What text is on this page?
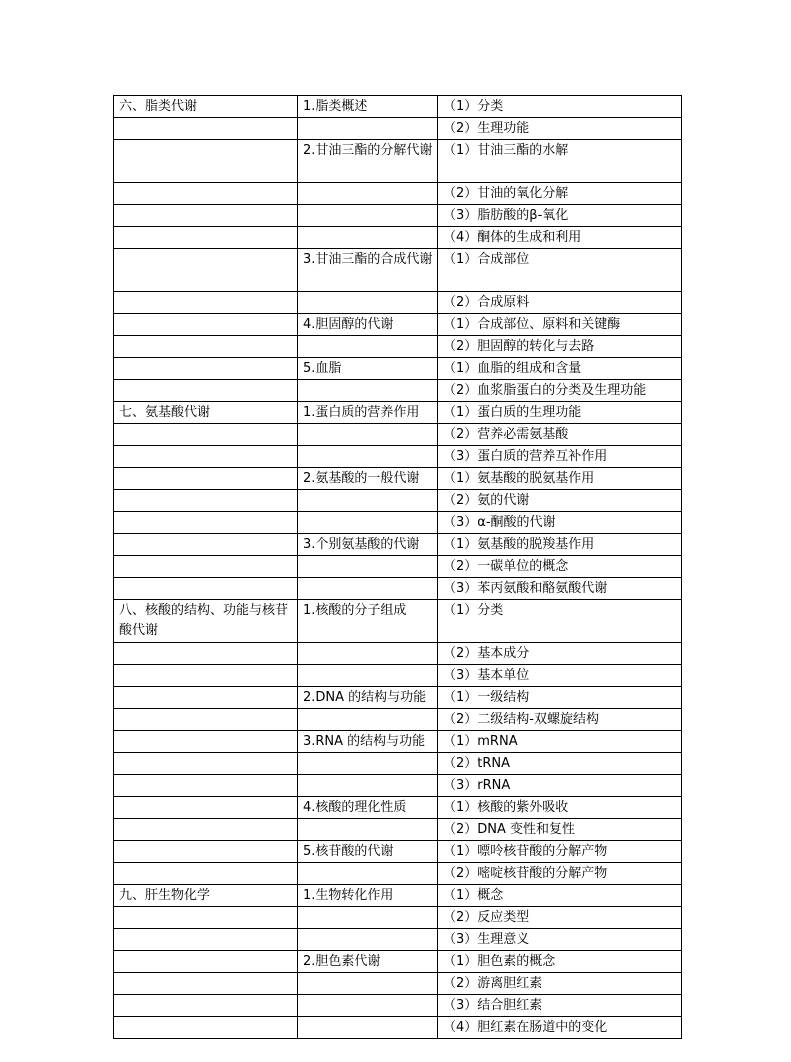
六、脂类代谢	1.脂类概述	（1）分类
		（2）生理功能
	2.甘油三酯的分解代谢	（1）甘油三酯的水解
		（2）甘油的氧化分解
		（3）脂肪酸的β-氧化
		（4）酮体的生成和利用
	3.甘油三酯的合成代谢	（1）合成部位
		（2）合成原料
	4.胆固醇的代谢	（1）合成部位、原料和关键酶
		（2）胆固醇的转化与去路
	5.血脂	（1）血脂的组成和含量
		（2）血浆脂蛋白的分类及生理功能
七、氨基酸代谢	1.蛋白质的营养作用	（1）蛋白质的生理功能
		（2）营养必需氨基酸
		（3）蛋白质的营养互补作用
	2.氨基酸的一般代谢	（1）氨基酸的脱氨基作用
		（2）氨的代谢
		（3）α-酮酸的代谢
	3.个别氨基酸的代谢	（1）氨基酸的脱羧基作用
		（2）一碳单位的概念
		（3）苯丙氨酸和酪氨酸代谢
八、核酸的结构、功能与核苷酸代谢	1.核酸的分子组成	（1）分类
		（2）基本成分
		（3）基本单位
	2.DNA 的结构与功能	（1）一级结构
		（2）二级结构-双螺旋结构
	3.RNA 的结构与功能	（1）mRNA
		（2）tRNA
		（3）rRNA
	4.核酸的理化性质	（1）核酸的紫外吸收
		（2）DNA 变性和复性
	5.核苷酸的代谢	（1）嘌呤核苷酸的分解产物
		（2）嘧啶核苷酸的分解产物
九、肝生物化学	1.生物转化作用	（1）概念
		（2）反应类型
		（3）生理意义
	2.胆色素代谢	（1）胆色素的概念
		（2）游离胆红素
		（3）结合胆红素
		（4）胆红素在肠道中的变化
